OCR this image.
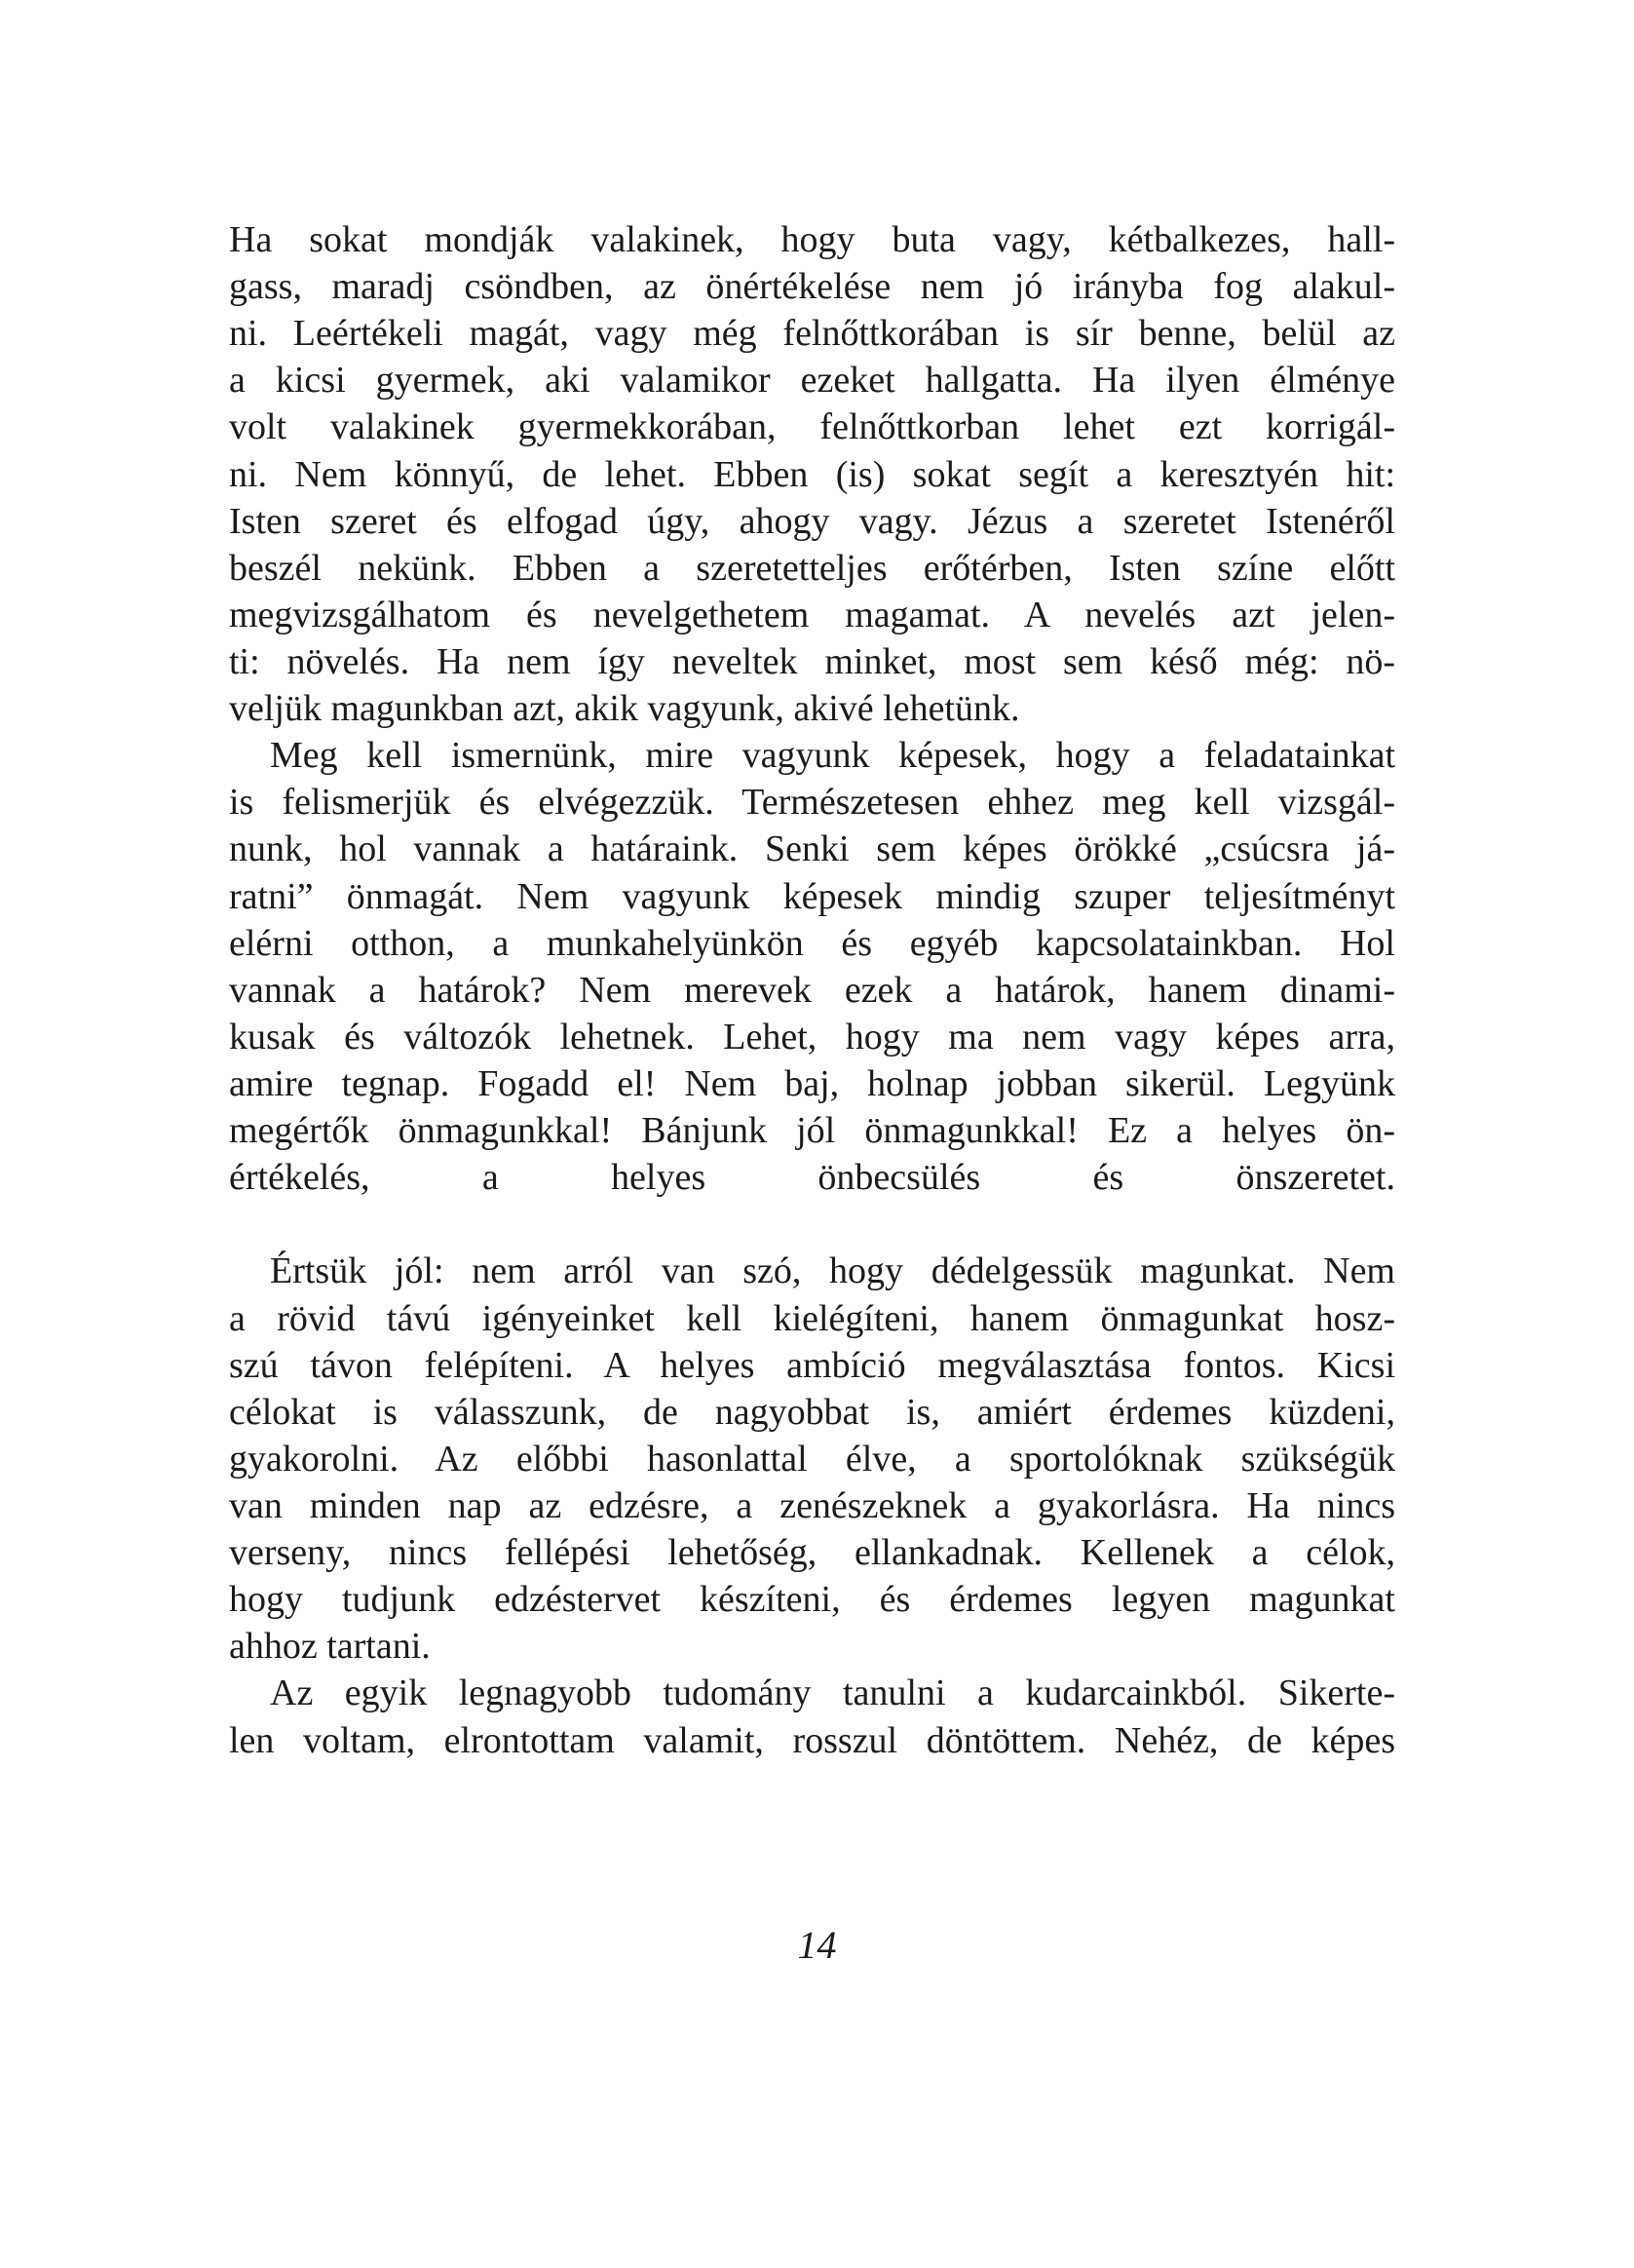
Ha sokat mondják valakinek, hogy buta vagy, kétbalkezes, hall-
gass, maradj csöndben, az önértékelése nem jó irányba fog alakul-
ni. Leértékeli magát, vagy még felnőttkorában is sír benne, belül az
a kicsi gyermek, aki valamikor ezeket hallgatta. Ha ilyen élménye
volt valakinek gyermekkorában, felnőttkorban lehet ezt korrigál-
ni. Nem könnyű, de lehet. Ebben (is) sokat segít a keresztyén hit:
Isten szeret és elfogad úgy, ahogy vagy. Jézus a szeretet Istenéről
beszél nekünk. Ebben a szeretetteljes erőtérben, Isten színe előtt
megvizsgálhatom és nevelgethetem magamat. A nevelés azt jelen-
ti: növelés. Ha nem így neveltek minket, most sem késő még: nö-
veljük magunkban azt, akik vagyunk, akivé lehetünk.
Meg kell ismernünk, mire vagyunk képesek, hogy a feladatainkat
is felismerjük és elvégezzük. Természetesen ehhez meg kell vizsgál-
nunk, hol vannak a határaink. Senki sem képes örökké „csúcsra já-
ratni” önmagát. Nem vagyunk képesek mindig szuper teljesítményt
elérni otthon, a munkahelyünkön és egyéb kapcsolatainkban. Hol
vannak a határok? Nem merevek ezek a határok, hanem dinami-
kusak és változók lehetnek. Lehet, hogy ma nem vagy képes arra,
amire tegnap. Fogadd el! Nem baj, holnap jobban sikerül. Legyünk
megértők önmagunkkal! Bánjunk jól önmagunkkal! Ez a helyes ön-
értékelés, a helyes önbecsülés és önszeretet.
Értsük jól: nem arról van szó, hogy dédelgessük magunkat. Nem
a rövid távú igényeinket kell kielégíteni, hanem önmagunkat hosz-
szú távon felépíteni. A helyes ambíció megválasztása fontos. Kicsi
célokat is válasszunk, de nagyobbat is, amiért érdemes küzdeni,
gyakorolni. Az előbbi hasonlattal élve, a sportolóknak szükségük
van minden nap az edzésre, a zenészeknek a gyakorlásra. Ha nincs
verseny, nincs fellépési lehetőség, ellankadnak. Kellenek a célok,
hogy tudjunk edzéstervet készíteni, és érdemes legyen magunkat
ahhoz tartani.
Az egyik legnagyobb tudomány tanulni a kudarcainkból. Sikerte-
len voltam, elrontottam valamit, rosszul döntöttem. Nehéz, de képes
14
